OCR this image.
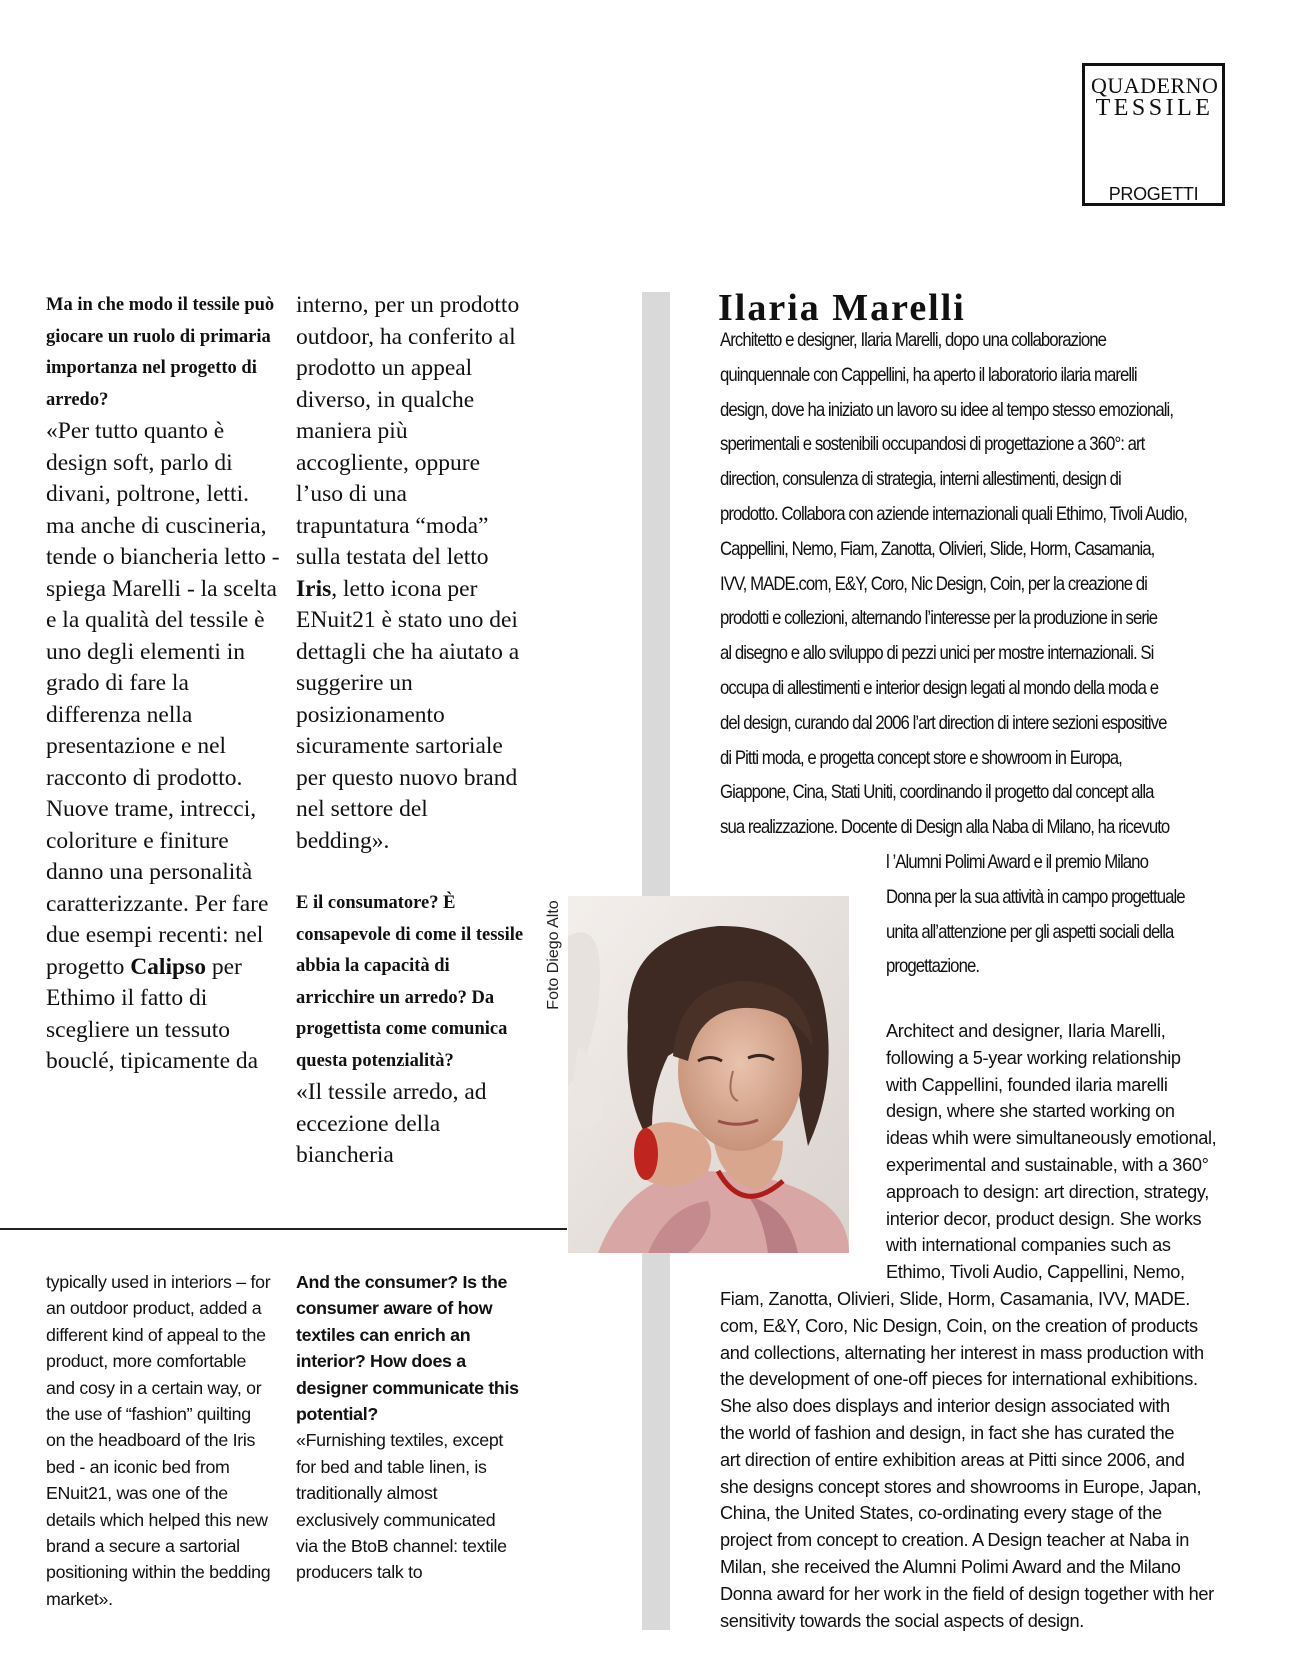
QUADERNO
TESSILE
PROGETTI

Ma in che modo il tessile può giocare un ruolo di primaria importanza nel progetto di arredo?

«Per tutto quanto è design soft, parlo di divani, poltrone, letti. ma anche di cuscineria, tende o biancheria letto - spiega Marelli - la scelta e la qualità del tessile è uno degli elementi in grado di fare la differenza nella presentazione e nel racconto di prodotto. Nuove trame, intrecci, coloriture e finiture danno una personalità caratterizzante. Per fare due esempi recenti: nel progetto Calipso per Ethimo il fatto di scegliere un tessuto bouclé, tipicamente da

interno, per un prodotto outdoor, ha conferito al prodotto un appeal diverso, in qualche maniera più accogliente, oppure l’uso di una trapuntatura “moda” sulla testata del letto Iris, letto icona per ENuit21 è stato uno dei dettagli che ha aiutato a suggerire un posizionamento sicuramente sartoriale per questo nuovo brand nel settore del bedding».

E il consumatore? È consapevole di come il tessile abbia la capacità di arricchire un arredo? Da progettista come comunica questa potenzialità?

«Il tessile arredo, ad eccezione della biancheria

typically used in interiors – for an outdoor product, added a different kind of appeal to the product, more comfortable and cosy in a certain way, or the use of “fashion” quilting on the headboard of the Iris bed - an iconic bed from ENuit21, was one of the details which helped this new brand a secure a sartorial positioning within the bedding market».

And the consumer? Is the consumer aware of how textiles can enrich an interior? How does a designer communicate this potential?

«Furnishing textiles, except for bed and table linen, is traditionally almost exclusively communicated via the BtoB channel: textile producers talk to

Foto Diego Alto
Ilaria Marelli

Architetto e designer, Ilaria Marelli, dopo una collaborazione

quinquennale con Cappellini, ha aperto il laboratorio ilaria marelli

design, dove ha iniziato un lavoro su idee al tempo stesso emozionali,

sperimentali e sostenibili occupandosi di progettazione a 360°: art

direction, consulenza di strategia, interni allestimenti, design di

prodotto. Collabora con aziende internazionali quali Ethimo, Tivoli Audio,

Cappellini, Nemo, Fiam, Zanotta, Olivieri, Slide, Horm, Casamania,

IVV, MADE.com, E&Y, Coro, Nic Design, Coin, per la creazione di

prodotti e collezioni, alternando l’interesse per la produzione in serie

al disegno e allo sviluppo di pezzi unici per mostre internazionali. Si

occupa di allestimenti e interior design legati al mondo della moda e

del design, curando dal 2006 l’art direction di intere sezioni espositive

di Pitti moda, e progetta concept store e showroom in Europa,

Giappone, Cina, Stati Uniti, coordinando il progetto dal concept alla

sua realizzazione. Docente di Design alla Naba di Milano, ha ricevuto

l ’Alumni Polimi Award e il premio Milano

Donna per la sua attività in campo progettuale

unita all’attenzione per gli aspetti sociali della

progettazione.

Architect and designer, Ilaria Marelli,

following a 5-year working relationship

with Cappellini, founded ilaria marelli

design, where she started working on

ideas whih were simultaneously emotional,

experimental and sustainable, with a 360°

approach to design: art direction, strategy,

interior decor, product design. She works

with international companies such as

Ethimo, Tivoli Audio, Cappellini, Nemo,

Fiam, Zanotta, Olivieri, Slide, Horm, Casamania, IVV, MADE.

com, E&Y, Coro, Nic Design, Coin, on the creation of products

and collections, alternating her interest in mass production with

the development of one-off pieces for international exhibitions.

She also does displays and interior design associated with

the world of fashion and design, in fact she has curated the

art direction of entire exhibition areas at Pitti since 2006, and

she designs concept stores and showrooms in Europe, Japan,

China, the United States, co-ordinating every stage of the

project from concept to creation. A Design teacher at Naba in

Milan, she received the Alumni Polimi Award and the Milano

Donna award for her work in the field of design together with her

sensitivity towards the social aspects of design.
